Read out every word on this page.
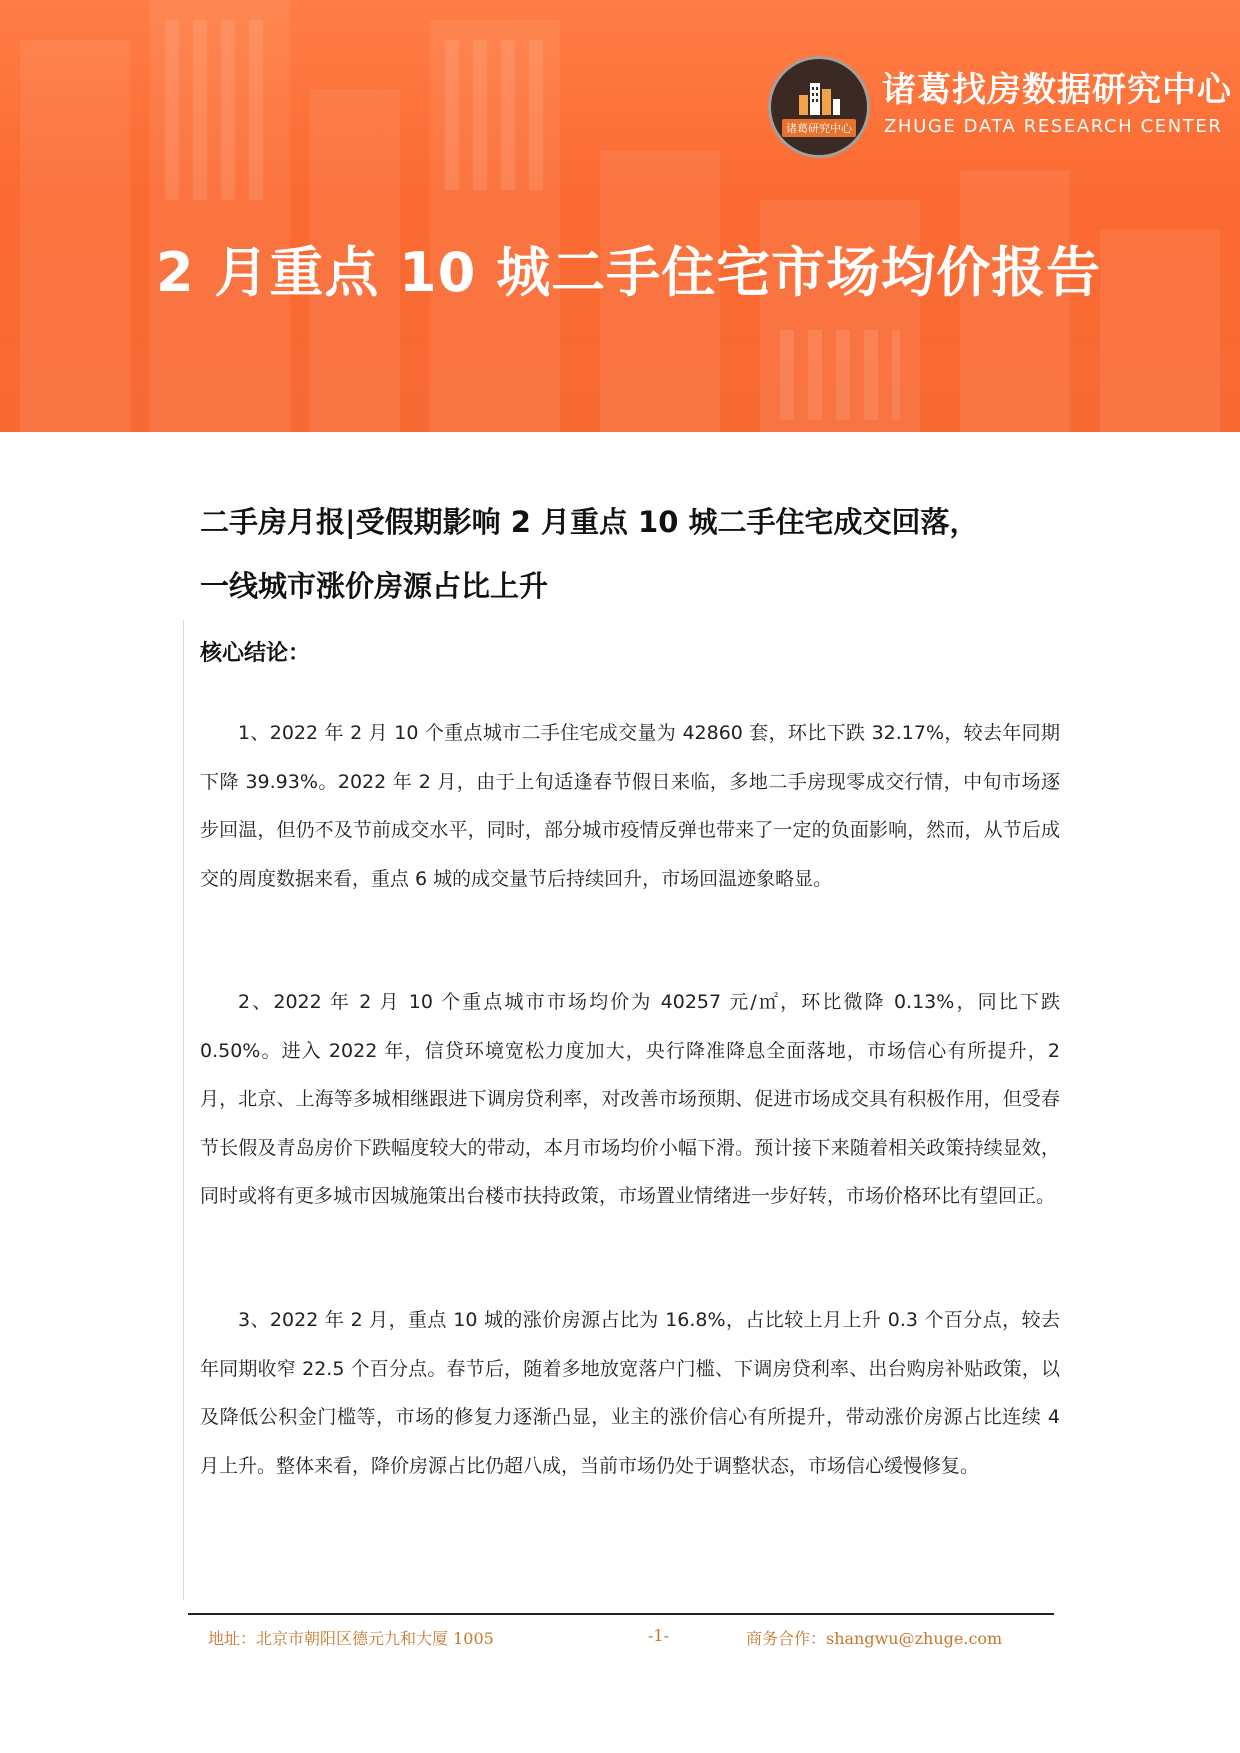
诸葛研究中心
诸葛找房数据研究中心
ZHUGE DATA RESEARCH CENTER
2 月重点 10 城二手住宅市场均价报告
二手房月报|受假期影响 2 月重点 10 城二手住宅成交回落，
一线城市涨价房源占比上升
核心结论：

1、2022 年 2 月 10 个重点城市二手住宅成交量为 42860 套，环比下跌 32.17%，较去年同期下降 39.93%。2022 年 2 月，由于上旬适逢春节假日来临，多地二手房现零成交行情，中旬市场逐步回温，但仍不及节前成交水平，同时，部分城市疫情反弹也带来了一定的负面影响，然而，从节后成交的周度数据来看，重点 6 城的成交量节后持续回升，市场回温迹象略显。

2、2022 年 2 月 10 个重点城市市场均价为 40257 元/㎡，环比微降 0.13%，同比下跌 0.50%。进入 2022 年，信贷环境宽松力度加大，央行降准降息全面落地，市场信心有所提升，2 月，北京、上海等多城相继跟进下调房贷利率，对改善市场预期、促进市场成交具有积极作用，但受春节长假及青岛房价下跌幅度较大的带动，本月市场均价小幅下滑。预计接下来随着相关政策持续显效，同时或将有更多城市因城施策出台楼市扶持政策，市场置业情绪进一步好转，市场价格环比有望回正。

3、2022 年 2 月，重点 10 城的涨价房源占比为 16.8%，占比较上月上升 0.3 个百分点，较去年同期收窄 22.5 个百分点。春节后，随着多地放宽落户门槛、下调房贷利率、出台购房补贴政策，以及降低公积金门槛等，市场的修复力逐渐凸显，业主的涨价信心有所提升，带动涨价房源占比连续 4 月上升。整体来看，降价房源占比仍超八成，当前市场仍处于调整状态，市场信心缓慢修复。

地址：北京市朝阳区德元九和大厦 1005	-1-	商务合作：shangwu@zhuge.com
